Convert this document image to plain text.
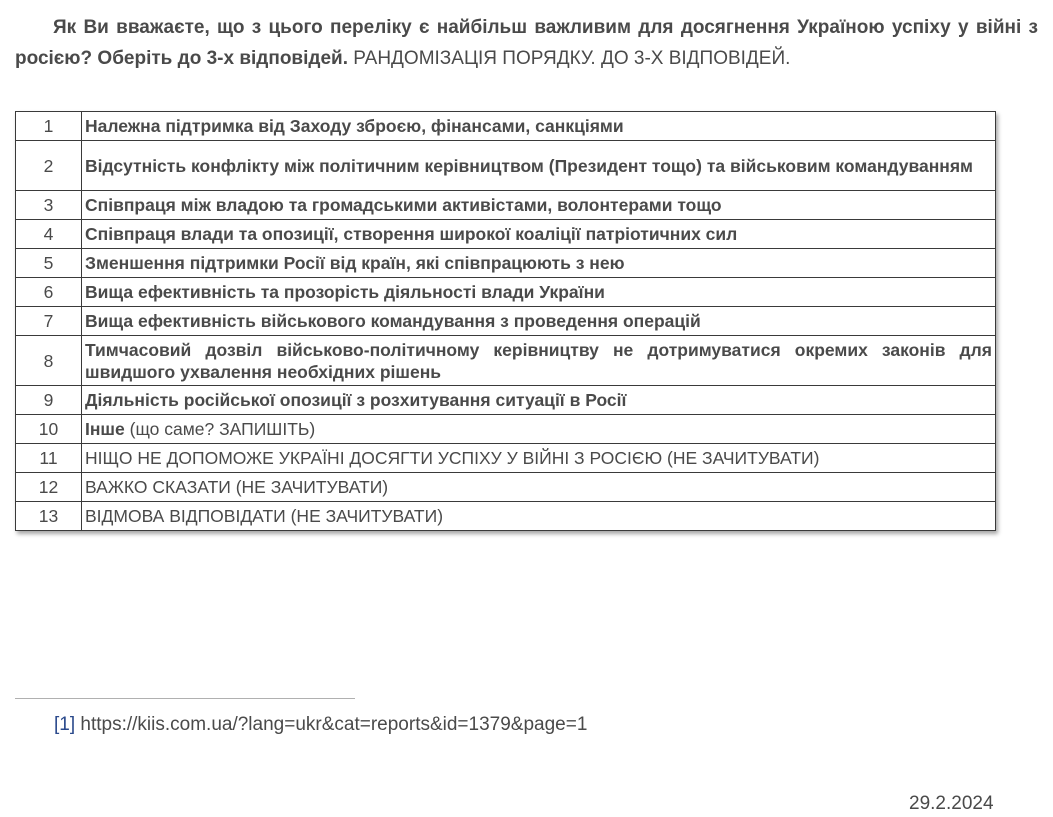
Як Ви вважаєте, що з цього переліку є найбільш важливим для досягнення Україною успіху у війні з росією? Оберіть до 3-х відповідей. РАНДОМІЗАЦІЯ ПОРЯДКУ. ДО 3-Х ВІДПОВІДЕЙ.

1	Належна підтримка від Заходу зброєю, фінансами, санкціями
2	Відсутність конфлікту між політичним керівництвом (Президент тощо) та військовим командуванням
3	Співпраця між владою та громадськими активістами, волонтерами тощо
4	Співпраця влади та опозиції, створення широкої коаліції патріотичних сил
5	Зменшення підтримки Росії від країн, які співпрацюють з нею
6	Вища ефективність та прозорість діяльності влади України
7	Вища ефективність військового командування з проведення операцій
8	Тимчасовий дозвіл військово-політичному керівництву не дотримуватися окремих законів для швидшого ухвалення необхідних рішень
9	Діяльність російської опозиції з розхитування ситуації в Росії
10	Інше (що саме? ЗАПИШІТЬ)
11	НІЩО НЕ ДОПОМОЖЕ УКРАЇНІ ДОСЯГТИ УСПІХУ У ВІЙНІ З РОСІЄЮ (НЕ ЗАЧИТУВАТИ)
12	ВАЖКО СКАЗАТИ (НЕ ЗАЧИТУВАТИ)
13	ВІДМОВА ВІДПОВІДАТИ (НЕ ЗАЧИТУВАТИ)
[1] https://kiis.com.ua/?lang=ukr&cat=reports&id=1379&page=1
29.2.2024
